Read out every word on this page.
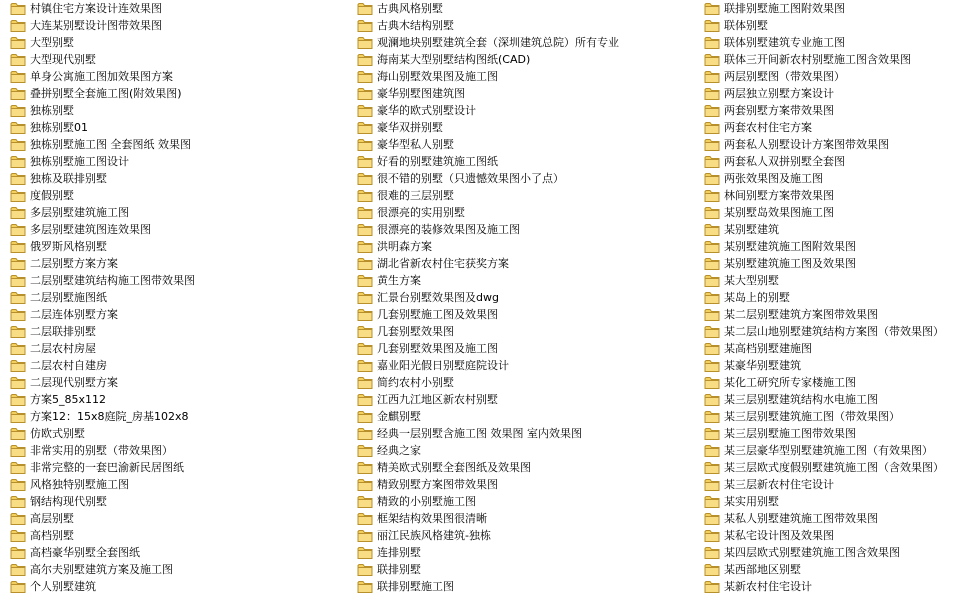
村镇住宅方案设计连效果图
大连某别墅设计图带效果图
大型别墅
大型现代别墅
单身公寓施工图加效果图方案
叠拼别墅全套施工图(附效果图)
独栋别墅
独栋别墅01
独栋别墅施工图 全套图纸 效果图
独栋别墅施工图设计
独栋及联排别墅
度假别墅
多层别墅建筑施工图
多层别墅建筑图连效果图
俄罗斯风格别墅
二层别墅方案方案
二层别墅建筑结构施工图带效果图
二层别墅施图纸
二层连体别墅方案
二层联排别墅
二层农村房屋
二层农村自建房
二层现代别墅方案
方案5_85x112
方案12：15x8庭院_房基102x8
仿欧式别墅
非常实用的别墅（带效果图）
非常完整的一套巴渝新民居图纸
风格独特别墅施工图
钢结构现代别墅
高层别墅
高档别墅
高档豪华别墅全套图纸
高尔夫别墅建筑方案及施工图
个人别墅建筑
古典风格别墅
古典木结构别墅
观澜地块别墅建筑全套（深圳建筑总院）所有专业
海南某大型别墅结构图纸(CAD)
海山别墅效果图及施工图
豪华别墅图建筑图
豪华的欧式别墅设计
豪华双拼别墅
豪华型私人别墅
好看的别墅建筑施工图纸
很不错的别墅（只遗憾效果图小了点）
很难的三层别墅
很漂亮的实用别墅
很漂亮的装修效果图及施工图
洪明森方案
湖北省新农村住宅获奖方案
黄生方案
汇景台别墅效果图及dwg
几套别墅施工图及效果图
几套别墅效果图
几套别墅效果图及施工图
嘉业阳光假日别墅庭院设计
简约农村小别墅
江西九江地区新农村别墅
金麒别墅
经典一层别墅含施工图 效果图 室内效果图
经典之家
精美欧式别墅全套图纸及效果图
精致别墅方案图带效果图
精致的小别墅施工图
框架结构效果图很清晰
丽江民族风格建筑-独栋
连排别墅
联排别墅
联排别墅施工图
联排别墅施工图附效果图
联体别墅
联体别墅建筑专业施工图
联体三开间新农村别墅施工图含效果图
两层别墅图（带效果图）
两层独立别墅方案设计
两套别墅方案带效果图
两套农村住宅方案
两套私人别墅设计方案图带效果图
两套私人双拼别墅全套图
两张效果图及施工图
林间别墅方案带效果图
某别墅岛效果图施工图
某别墅建筑
某别墅建筑施工图附效果图
某别墅建筑施工图及效果图
某大型别墅
某岛上的别墅
某二层别墅建筑方案图带效果图
某二层山地别墅建筑结构方案图（带效果图）
某高档别墅建施图
某豪华别墅建筑
某化工研究所专家楼施工图
某三层别墅建筑结构水电施工图
某三层别墅建筑施工图（带效果图）
某三层别墅施工图带效果图
某三层豪华型别墅建筑施工图（有效果图）
某三层欧式度假别墅建筑施工图（含效果图）
某三层新农村住宅设计
某实用别墅
某私人别墅建筑施工图带效果图
某私宅设计图及效果图
某四层欧式别墅建筑施工图含效果图
某西部地区别墅
某新农村住宅设计
